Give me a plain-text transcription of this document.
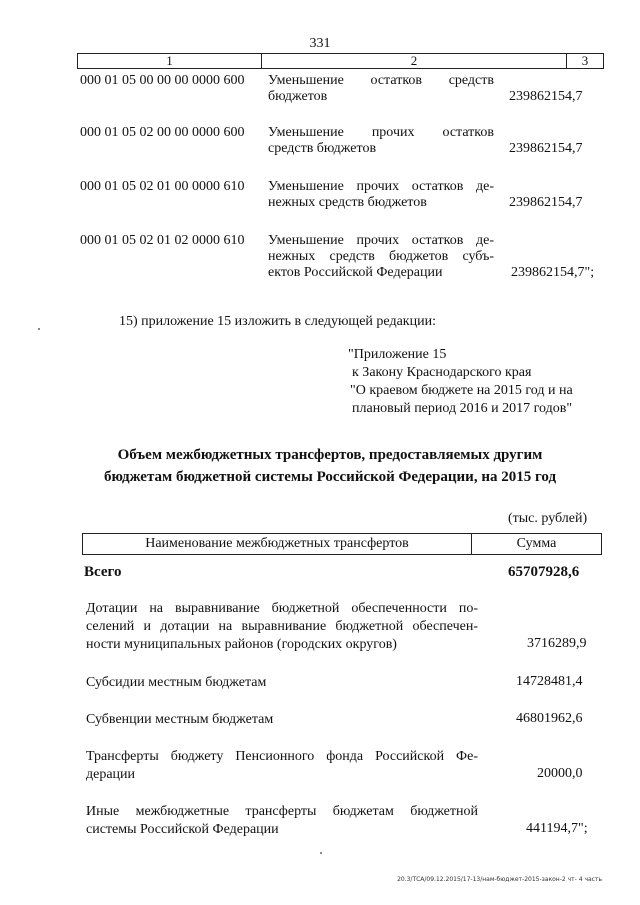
331
1	2	3
000 01 05 00 00 00 0000 600	Уменьшение остатков средств
бюджетов	239862154,7
000 01 05 02 00 00 0000 600	Уменьшение прочих остатков
средств бюджетов	239862154,7
000 01 05 02 01 00 0000 610	Уменьшение прочих остатков де-
нежных средств бюджетов	239862154,7
000 01 05 02 01 02 0000 610	Уменьшение прочих остатков де-
нежных средств бюджетов субъ-
ектов Российской Федерации	239862154,7";
15) приложение 15 изложить в следующей редакции:
"Приложение 15
к Закону Краснодарского края
"О краевом бюджете на 2015 год и на
плановый период 2016 и 2017 годов"
Объем межбюджетных трансфертов, предоставляемых другим
бюджетам бюджетной системы Российской Федерации, на 2015 год
(тыс. рублей)
Наименование межбюджетных трансфертов	Сумма
Всего	65707928,6
Дотации на выравнивание бюджетной обеспеченности по-
селений и дотации на выравнивание бюджетной обеспечен-
ности муниципальных районов (городских округов)	3716289,9
Субсидии местным бюджетам	14728481,4
Субвенции местным бюджетам	46801962,6
Трансферты бюджету Пенсионного фонда Российской Фе-
дерации	20000,0
Иные межбюджетные трансферты бюджетам бюджетной
системы Российской Федерации	441194,7";
20.3/ТСА/09.12.2015/17-13/нам-бюджет-2015-закон-2 чт- 4 часть
